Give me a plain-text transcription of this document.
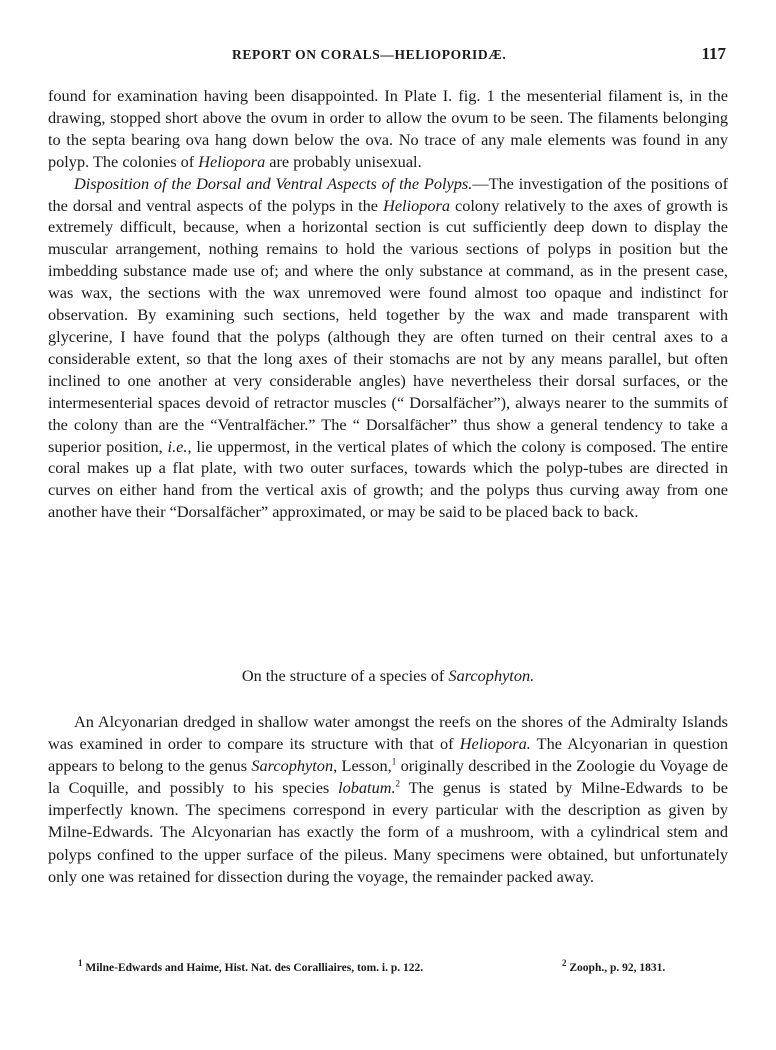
REPORT ON CORALS—HELIOPORIDÆ.	117

found for examination having been disappointed. In Plate I. fig. 1 the mesenterial filament is, in the drawing, stopped short above the ovum in order to allow the ovum to be seen. The filaments belonging to the septa bearing ova hang down below the ova. No trace of any male elements was found in any polyp. The colonies of Heliopora are probably unisexual.

Disposition of the Dorsal and Ventral Aspects of the Polyps.—The investigation of the positions of the dorsal and ventral aspects of the polyps in the Heliopora colony relatively to the axes of growth is extremely difficult, because, when a horizontal section is cut sufficiently deep down to display the muscular arrangement, nothing remains to hold the various sections of polyps in position but the imbedding substance made use of; and where the only substance at command, as in the present case, was wax, the sections with the wax unremoved were found almost too opaque and indistinct for observation. By examining such sections, held together by the wax and made transparent with glycerine, I have found that the polyps (although they are often turned on their central axes to a considerable extent, so that the long axes of their stomachs are not by any means parallel, but often inclined to one another at very considerable angles) have nevertheless their dorsal surfaces, or the intermesenterial spaces devoid of retractor muscles (“ Dorsalfächer”), always nearer to the summits of the colony than are the “Ventralfächer.” The “ Dorsalfächer” thus show a general tendency to take a superior position, i.e., lie uppermost, in the vertical plates of which the colony is composed. The entire coral makes up a flat plate, with two outer surfaces, towards which the polyp-tubes are directed in curves on either hand from the vertical axis of growth; and the polyps thus curving away from one another have their “Dorsalfächer” approximated, or may be said to be placed back to back.

On the structure of a species of Sarcophyton.

An Alcyonarian dredged in shallow water amongst the reefs on the shores of the Admiralty Islands was examined in order to compare its structure with that of Heliopora. The Alcyonarian in question appears to belong to the genus Sarcophyton, Lesson,$^1$ originally described in the Zoologie du Voyage de la Coquille, and possibly to his species lobatum.$^2$ The genus is stated by Milne-Edwards to be imperfectly known. The specimens correspond in every particular with the description as given by Milne-Edwards. The Alcyonarian has exactly the form of a mushroom, with a cylindrical stem and polyps confined to the upper surface of the pileus. Many specimens were obtained, but unfortunately only one was retained for dissection during the voyage, the remainder packed away.

$^1$ Milne-Edwards and Haime, Hist. Nat. des Coralliaires, tom. i. p. 122.	$^2$ Zooph., p. 92, 1831.
